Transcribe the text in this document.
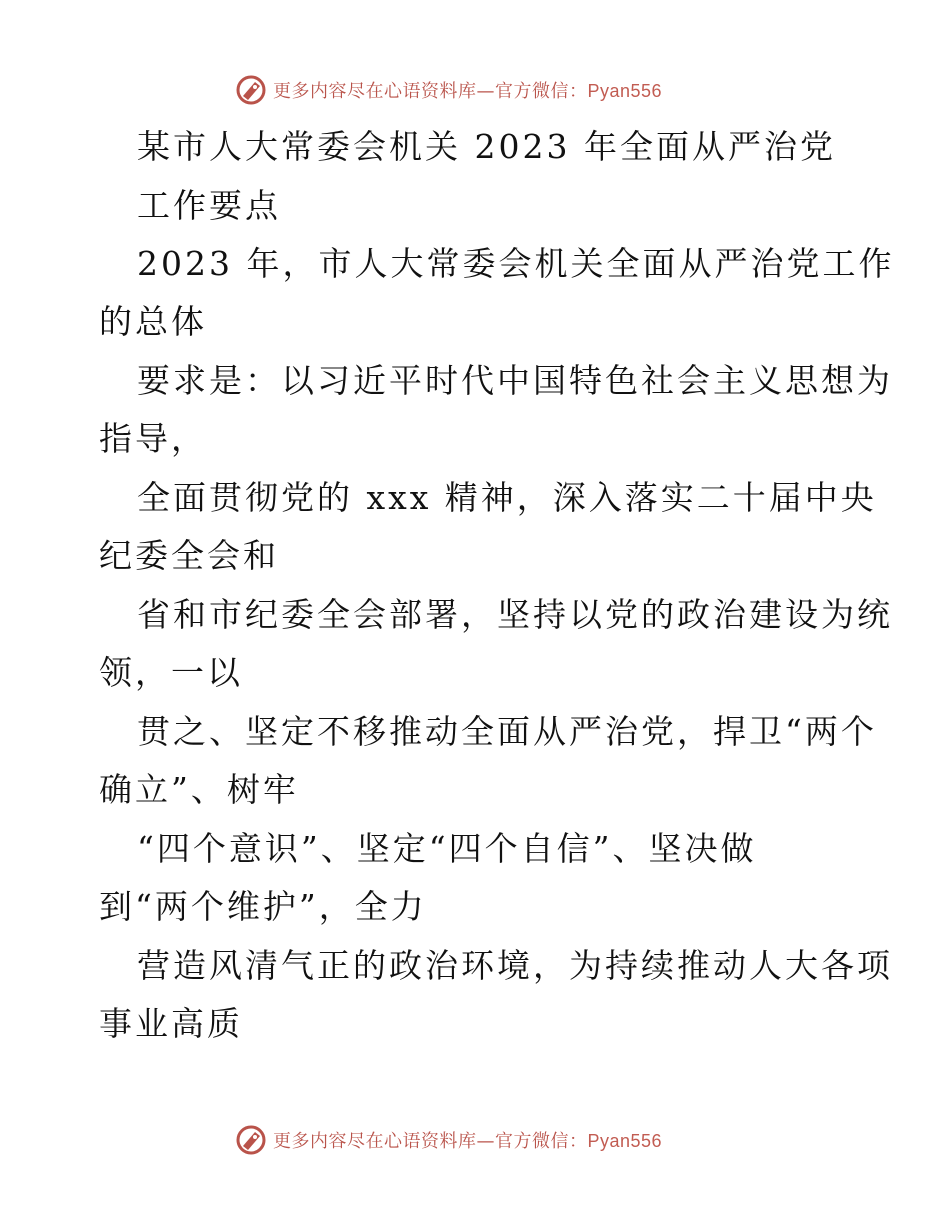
更多内容尽在心语资料库—官方微信：Pyan556
某市人大常委会机关 2023 年全面从严治党
工作要点
2023 年，市人大常委会机关全面从严治党工作
的总体
要求是：以习近平时代中国特色社会主义思想为
指导，
全面贯彻党的 xxx 精神，深入落实二十届中央
纪委全会和
省和市纪委全会部署，坚持以党的政治建设为统
领，一以
贯之、坚定不移推动全面从严治党，捍卫“两个
确立”、树牢
“四个意识”、坚定“四个自信”、坚决做
到“两个维护”，全力
营造风清气正的政治环境，为持续推动人大各项
事业高质
更多内容尽在心语资料库—官方微信：Pyan556
